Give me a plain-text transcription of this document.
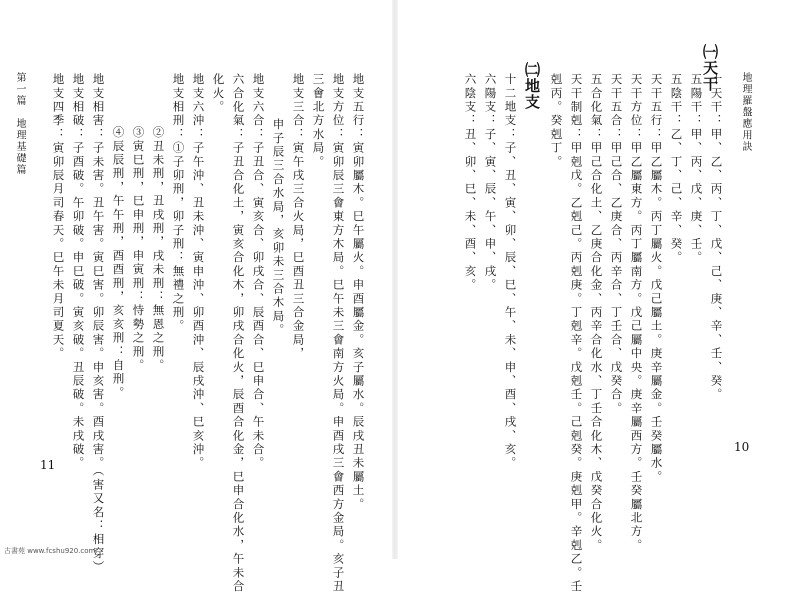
第一篇　地理基礎篇 地支四季：寅卯辰月司春天。巳午未月司夏天。 地支相破：子酉破。午卯破。申巳破。寅亥破。丑辰破。未戌破。 地支相害：子未害。丑午害。寅巳害。卯辰害。申亥害。酉戌害。（害又名：相穿） ④辰辰刑，午午刑，酉酉刑，亥亥刑：自刑。 ③寅巳刑，巳申刑，申寅刑：恃勢之刑。 ②丑未刑，丑戌刑，戌未刑：無恩之刑。 地支相刑：①子卯刑，卯子刑：無禮之刑。 地支六沖：子午沖、丑未沖、寅申沖、卯酉沖、辰戌沖、巳亥沖。 化火。 六合化氣：子丑合化土，寅亥合化木，卯戌合化火，辰酉合化金，巳申合化水，午未合 地支六合：子丑合、寅亥合、卯戌合、辰酉合、巳申合、午未合。 申子辰三合水局，亥卯未三合木局。 地支三合：寅午戌三合火局，巳酉丑三合金局， 三會北方水局。 地支方位：寅卯辰三會東方木局。巳午未三會南方火局。申酉戌三會西方金局。亥子丑 地支五行：寅卯屬木。巳午屬火。申酉屬金。亥子屬水。辰戌丑未屬土。
11
六陰支：丑、卯、巳、未、酉、亥。 六陽支：子、寅、辰、午、申、戌。 十二地支：子、丑、寅、卯、辰、巳、午、未、申、酉、戌、亥。 ㈡地支 剋丙。癸剋丁。 天干制剋：甲剋戊。乙剋己。丙剋庚。丁剋辛。戊剋壬。己剋癸。庚剋甲。辛剋乙。壬 五合化氣：甲己合化土、乙庚合化金、丙辛合化水、丁壬合化木、戊癸合化火。 天干五合：甲己合、乙庚合、丙辛合、丁壬合、戊癸合。 天干方位：甲乙屬東方。丙丁屬南方。戊己屬中央。庚辛屬西方。壬癸屬北方。 天干五行：甲乙屬木。丙丁屬火。戊己屬土。庚辛屬金。壬癸屬水。 五陰干：乙、丁、己、辛、癸。 五陽干：甲、丙、戊、庚、壬。 十天干：甲、乙、丙、丁、戊、己、庚、辛、壬、癸。
㈠天干
地理羅盤應用訣
10
古書苑 www.fcshu920.com
